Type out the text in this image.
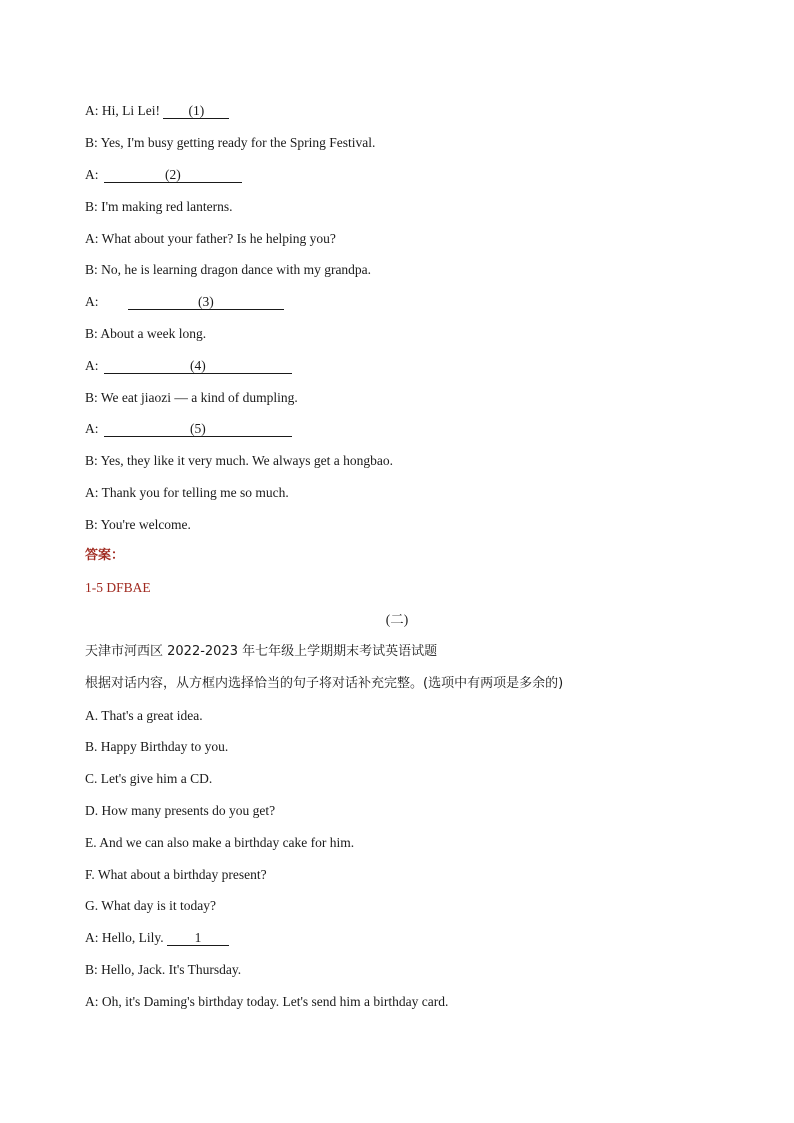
A: Hi, Li Lei! (1)
B: Yes, I'm busy getting ready for the Spring Festival.
A:	(2)
B: I'm making red lanterns.
A: What about your father? Is he helping you?
B: No, he is learning dragon dance with my grandpa.
A:	(3)
B: About a week long.
A:	(4)
B: We eat jiaozi — a kind of dumpling.
A:	(5)
B: Yes, they like it very much. We always get a hongbao.
A: Thank you for telling me so much.
B: You're welcome.
答案：
1-5 DFBAE
(二)
天津市河西区 2022-2023 年七年级上学期期末考试英语试题
根据对话内容，从方框内选择恰当的句子将对话补充完整。(选项中有两项是多余的)
A. That's a great idea.
B. Happy Birthday to you.
C. Let's give him a CD.
D. How many presents do you get?
E. And we can also make a birthday cake for him.
F. What about a birthday present?
G. What day is it today?
A: Hello, Lily. 1
B: Hello, Jack. It's Thursday.
A: Oh, it's Daming's birthday today. Let's send him a birthday card.
